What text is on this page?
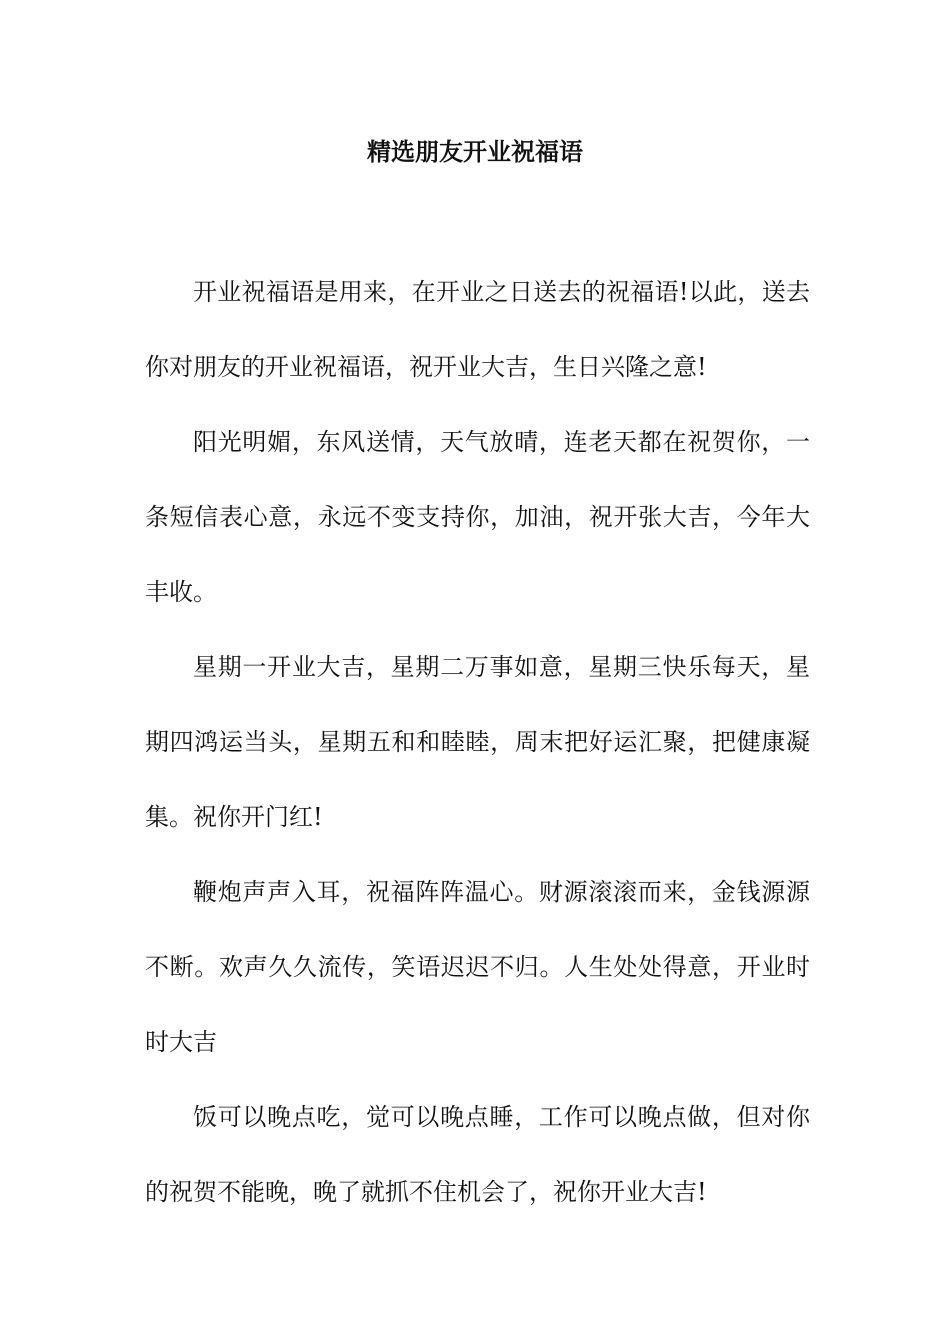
精选朋友开业祝福语

开业祝福语是用来，在开业之日送去的祝福语!以此，送去你对朋友的开业祝福语，祝开业大吉，生日兴隆之意!

阳光明媚，东风送情，天气放晴，连老天都在祝贺你，一条短信表心意，永远不变支持你，加油，祝开张大吉，今年大丰收。

星期一开业大吉，星期二万事如意，星期三快乐每天，星期四鸿运当头，星期五和和睦睦，周末把好运汇聚，把健康凝集。祝你开门红!

鞭炮声声入耳，祝福阵阵温心。财源滚滚而来，金钱源源不断。欢声久久流传，笑语迟迟不归。人生处处得意，开业时时大吉

饭可以晚点吃，觉可以晚点睡，工作可以晚点做，但对你的祝贺不能晚，晚了就抓不住机会了，祝你开业大吉!
